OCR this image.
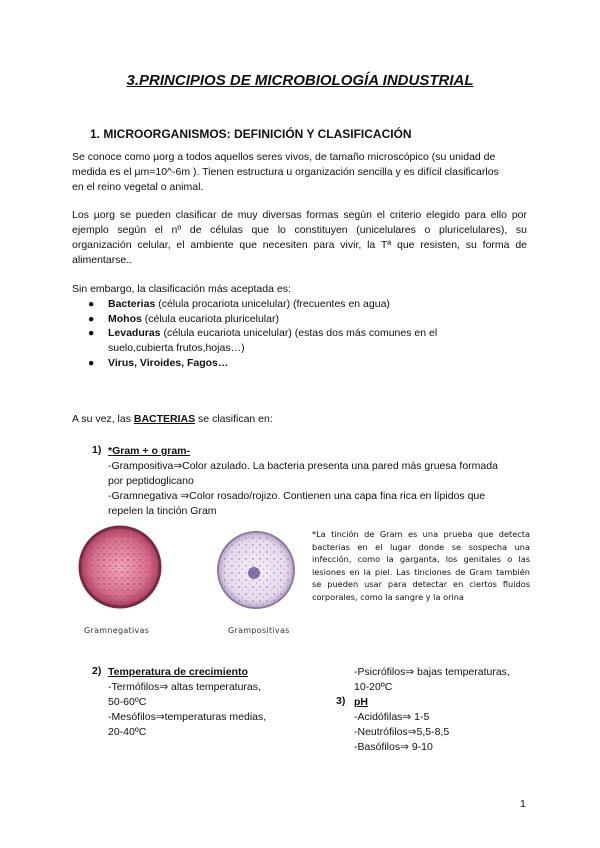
3.PRINCIPIOS DE MICROBIOLOGÍA INDUSTRIAL
1. MICROORGANISMOS: DEFINICIÓN Y CLASIFICACIÓN
Se conoce como µorg a todos aquellos seres vivos, de tamaño microscópico (su unidad de
medida es el µm=10^-6m ). Tienen estructura u organización sencilla y es difícil clasificarlos
en el reino vegetal o animal.
Los µorg se pueden clasificar de muy diversas formas según el criterio elegido para ello por
ejemplo según el nº de células que lo constituyen (unicelulares o pluricelulares), su
organización celular, el ambiente que necesiten para vivir, la Tª que resisten, su forma de
alimentarse..
Sin embargo, la clasificación más aceptada es:
● Bacterias (célula procariota unicelular) (frecuentes en agua)
● Mohos (célula eucariota pluricelular)
● Levaduras (célula eucariota unicelular) (estas dos más comunes en el
suelo,cubierta frutos,hojas…)
● Virus, Viroides, Fagos…
A su vez, las BACTERIAS se clasifican en:
1) *Gram + o gram-
-Grampositiva⇒Color azulado. La bacteria presenta una pared más gruesa formada
por peptidoglicano
-Gramnegativa ⇒Color rosado/rojizo. Contienen una capa fina rica en lípidos que
repelen la tinción Gram
Gramnegativas	Grampositivas
*La tinción de Gram es una prueba que detecta bacterias en el lugar donde se sospecha una infección, como la garganta, los genitales o las lesiones en la piel. Las tinciones de Gram también se pueden usar para detectar en ciertos fluidos corporales, como la sangre y la orina
2) Temperatura de crecimiento
-Termófilos⇒ altas temperaturas,
50-60ºC
-Mesófilos⇒temperaturas medias,
20-40ºC
-Psicrófilos⇒ bajas temperaturas,
10-20ºC
3) pH
-Acidófilas⇒ 1-5
-Neutrófilos⇒5,5-8,5
-Basófilos⇒ 9-10
1
